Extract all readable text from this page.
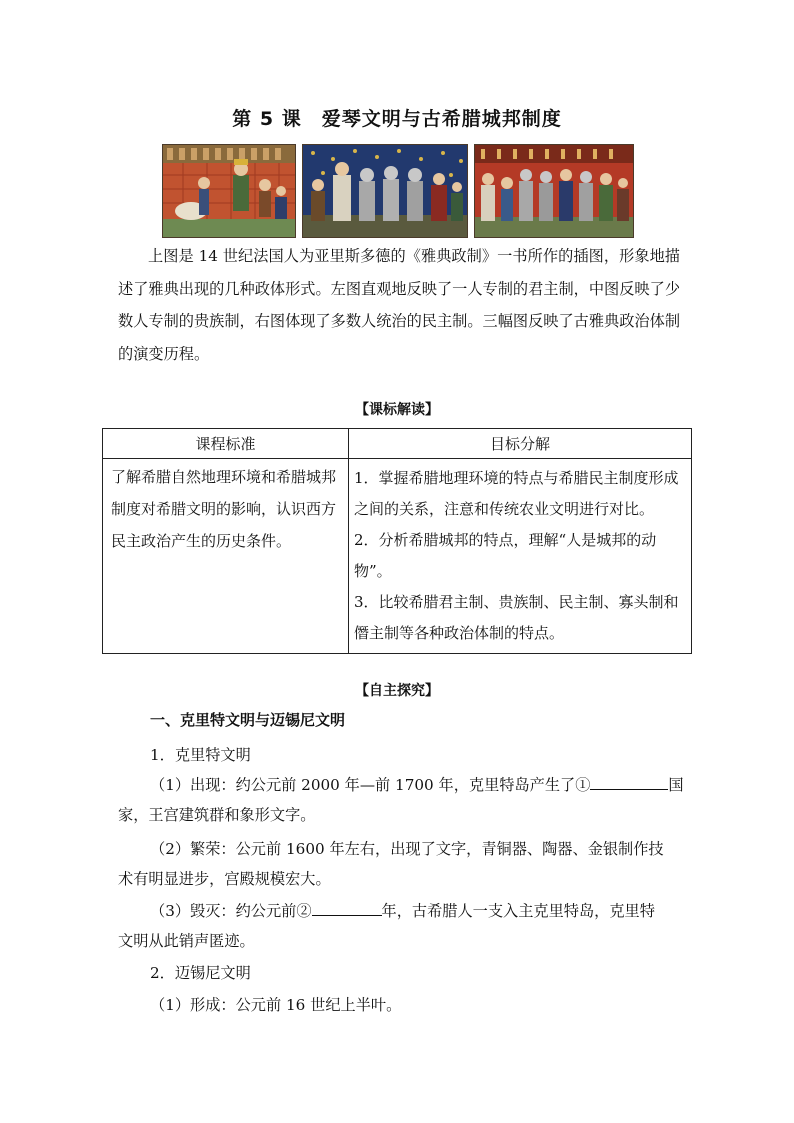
第 5 课　爱琴文明与古希腊城邦制度

上图是 14 世纪法国人为亚里斯多德的《雅典政制》一书所作的插图，形象地描述了雅典出现的几种政体形式。左图直观地反映了一人专制的君主制，中图反映了少数人专制的贵族制，右图体现了多数人统治的民主制。三幅图反映了古雅典政治体制的演变历程。

【课标解读】
课程标准	目标分解
了解希腊自然地理环境和希腊城邦制度对希腊文明的影响，认识西方民主政治产生的历史条件。	1．掌握希腊地理环境的特点与希腊民主制度形成之间的关系，注意和传统农业文明进行对比。

2．分析希腊城邦的特点，理解“人是城邦的动物”。

3．比较希腊君主制、贵族制、民主制、寡头制和僭主制等各种政治体制的特点。

【自主探究】
一、克里特文明与迈锡尼文明
1．克里特文明
（1）出现：约公元前 2000 年—前 1700 年，克里特岛产生了①	国
家，王宫建筑群和象形文字。
（2）繁荣：公元前 1600 年左右，出现了文字，青铜器、陶器、金银制作技
术有明显进步，宫殿规模宏大。
（3）毁灭：约公元前②	年，古希腊人一支入主克里特岛，克里特
文明从此销声匿迹。
2．迈锡尼文明
（1）形成：公元前 16 世纪上半叶。
